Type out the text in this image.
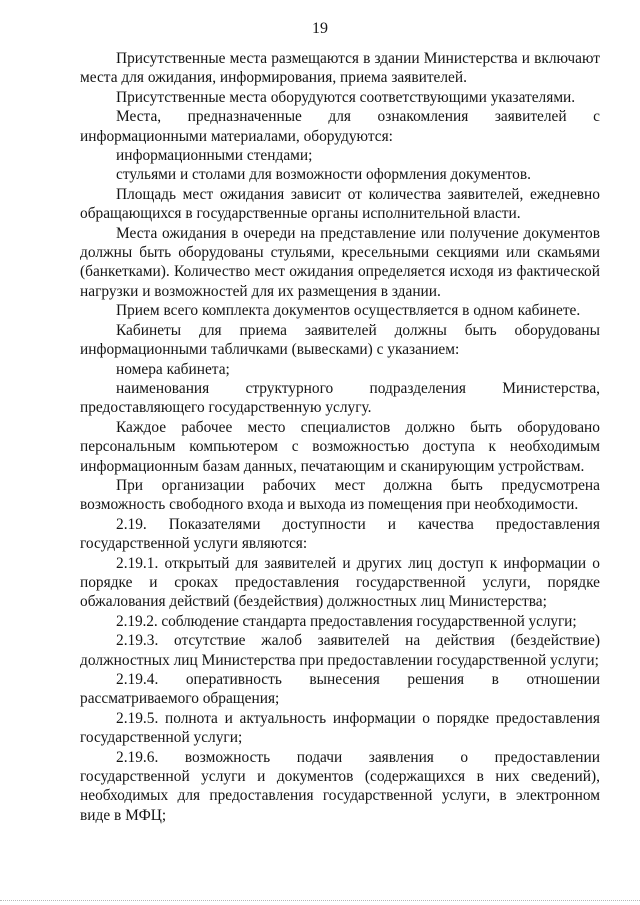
19

Присутственные места размещаются в здании Министерства и включают места для ожидания, информирования, приема заявителей.

Присутственные места оборудуются соответствующими указателями.

Места, предназначенные для ознакомления заявителей с информационными материалами, оборудуются:

информационными стендами;

стульями и столами для возможности оформления документов.

Площадь мест ожидания зависит от количества заявителей, ежедневно обращающихся в государственные органы исполнительной власти.

Места ожидания в очереди на представление или получение документов должны быть оборудованы стульями, кресельными секциями или скамьями (банкетками). Количество мест ожидания определяется исходя из фактической нагрузки и возможностей для их размещения в здании.

Прием всего комплекта документов осуществляется в одном кабинете.

Кабинеты для приема заявителей должны быть оборудованы информационными табличками (вывесками) с указанием:

номера кабинета;

наименования структурного подразделения Министерства, предоставляющего государственную услугу.

Каждое рабочее место специалистов должно быть оборудовано персональным компьютером с возможностью доступа к необходимым информационным базам данных, печатающим и сканирующим устройствам.

При организации рабочих мест должна быть предусмотрена возможность свободного входа и выхода из помещения при необходимости.

2.19. Показателями доступности и качества предоставления государственной услуги являются:

2.19.1. открытый для заявителей и других лиц доступ к информации о порядке и сроках предоставления государственной услуги, порядке обжалования действий (бездействия) должностных лиц Министерства;

2.19.2. соблюдение стандарта предоставления государственной услуги;

2.19.3. отсутствие жалоб заявителей на действия (бездействие) должностных лиц Министерства при предоставлении государственной услуги;

2.19.4. оперативность вынесения решения в отношении рассматриваемого обращения;

2.19.5. полнота и актуальность информации о порядке предоставления государственной услуги;

2.19.6. возможность подачи заявления о предоставлении государственной услуги и документов (содержащихся в них сведений), необходимых для предоставления государственной услуги, в электронном виде в МФЦ;
